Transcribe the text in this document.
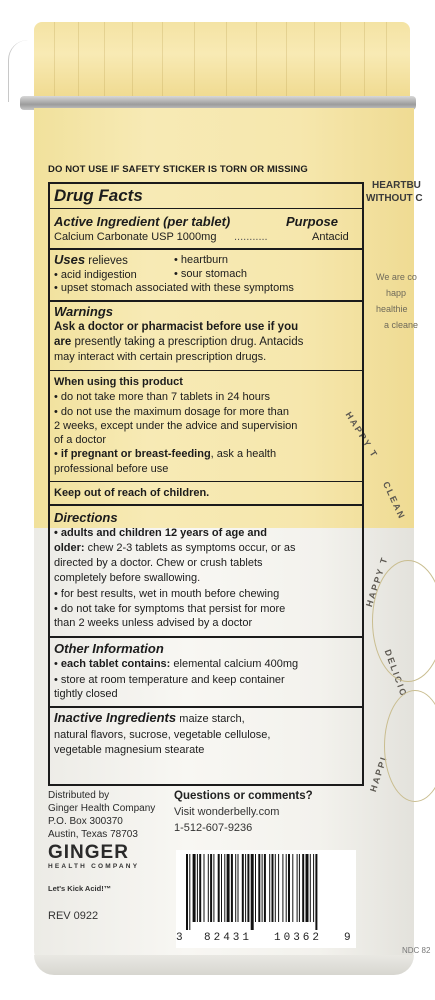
HEARTBU
WITHOUT C
We are co
happ
healthie
a cleane
HAPPY T
CLEAN
HAPPY T
DELICIO
HAPPI
NDC 82
DO NOT USE IF SAFETY STICKER IS TORN OR MISSING
Drug Facts
Active Ingredient (per tablet)	Purpose
Calcium Carbonate USP 1000mg ...........	Antacid
Uses relieves
• acid indigestion
• heartburn
• sour stomach
• upset stomach associated with these symptoms
Warnings
Ask a doctor or pharmacist before use if you
are presently taking a prescription drug. Antacids
may interact with certain prescription drugs.
When using this product
• do not take more than 7 tablets in 24 hours
• do not use the maximum dosage for more than
2 weeks, except under the advice and supervision
of a doctor
• if pregnant or breast-feeding, ask a health
professional before use
Keep out of reach of children.
Directions
• adults and children 12 years of age and
older: chew 2-3 tablets as symptoms occur, or as
directed by a doctor. Chew or crush tablets
completely before swallowing.
• for best results, wet in mouth before chewing
• do not take for symptoms that persist for more
than 2 weeks unless advised by a doctor
Other Information
• each tablet contains: elemental calcium 400mg
• store at room temperature and keep container
tightly closed
Inactive Ingredients maize starch,
natural flavors, sucrose, vegetable cellulose,
vegetable magnesium stearate
Distributed by
Ginger Health Company
P.O. Box 300370
Austin, Texas 78703
GINGER
HEALTH COMPANY
Let's Kick Acid!™
REV 0922
Questions or comments?
Visit wonderbelly.com
1-512-607-9236
3 82431 10362 9
